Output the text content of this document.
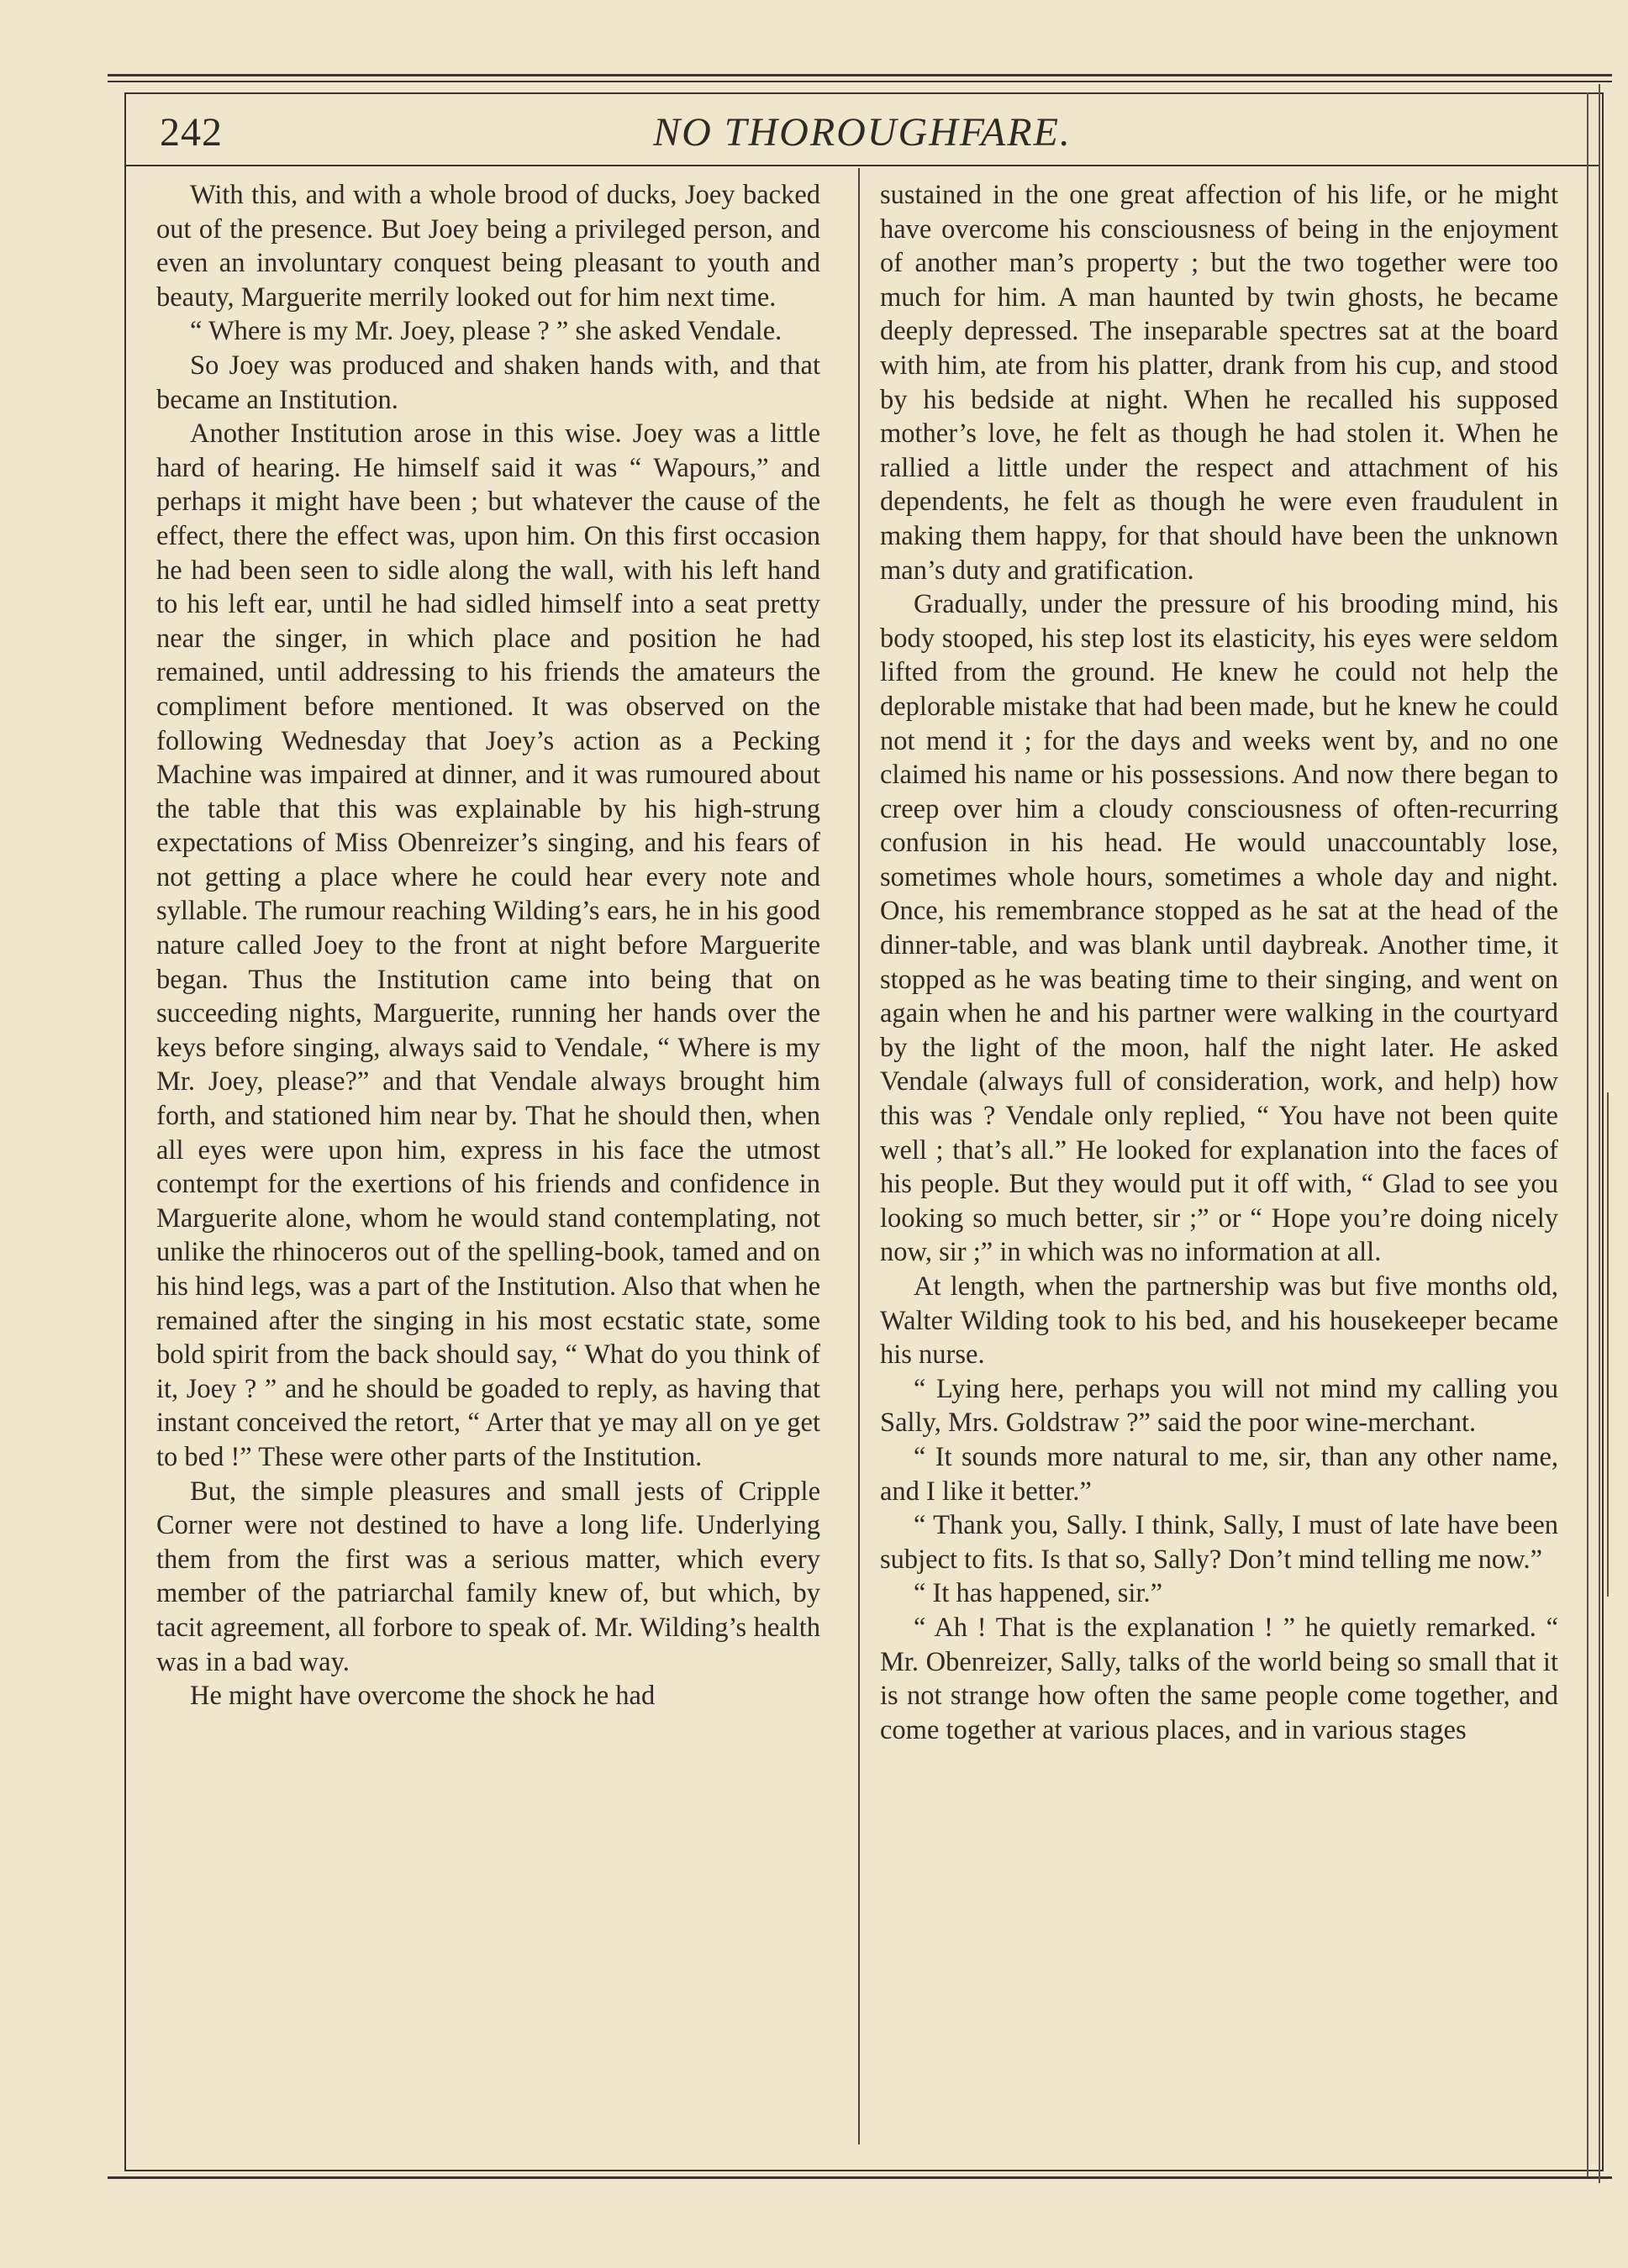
242	NO THOROUGHFARE.

With this, and with a whole brood of ducks, Joey backed out of the presence. But Joey being a privileged person, and even an involuntary conquest being pleasant to youth and beauty, Marguerite merrily looked out for him next time.

“ Where is my Mr. Joey, please ? ” she asked Vendale.

So Joey was produced and shaken hands with, and that became an Institution.

Another Institution arose in this wise. Joey was a little hard of hearing. He himself said it was “ Wapours,” and perhaps it might have been ; but whatever the cause of the effect, there the effect was, upon him. On this first occasion he had been seen to sidle along the wall, with his left hand to his left ear, until he had sidled himself into a seat pretty near the singer, in which place and position he had remained, until addressing to his friends the amateurs the compliment before mentioned. It was observed on the following Wednesday that Joey’s action as a Pecking Machine was impaired at dinner, and it was rumoured about the table that this was explainable by his high-strung expectations of Miss Obenreizer’s singing, and his fears of not getting a place where he could hear every note and syllable. The rumour reaching Wilding’s ears, he in his good nature called Joey to the front at night before Marguerite began. Thus the Institution came into being that on succeeding nights, Marguerite, running her hands over the keys before singing, always said to Vendale, “ Where is my Mr. Joey, please?” and that Vendale always brought him forth, and stationed him near by. That he should then, when all eyes were upon him, express in his face the utmost contempt for the exertions of his friends and confidence in Marguerite alone, whom he would stand contemplating, not unlike the rhinoceros out of the spelling-book, tamed and on his hind legs, was a part of the Institution. Also that when he remained after the singing in his most ecstatic state, some bold spirit from the back should say, “ What do you think of it, Joey ? ” and he should be goaded to reply, as having that instant conceived the retort, “ Arter that ye may all on ye get to bed !” These were other parts of the Institution.

But, the simple pleasures and small jests of Cripple Corner were not destined to have a long life. Underlying them from the first was a serious matter, which every member of the patriarchal family knew of, but which, by tacit agreement, all forbore to speak of. Mr. Wilding’s health was in a bad way.

He might have overcome the shock he had

sustained in the one great affection of his life, or he might have overcome his consciousness of being in the enjoyment of another man’s property ; but the two together were too much for him. A man haunted by twin ghosts, he became deeply depressed. The inseparable spectres sat at the board with him, ate from his platter, drank from his cup, and stood by his bedside at night. When he recalled his supposed mother’s love, he felt as though he had stolen it. When he rallied a little under the respect and attachment of his dependents, he felt as though he were even fraudulent in making them happy, for that should have been the unknown man’s duty and gratification.

Gradually, under the pressure of his brooding mind, his body stooped, his step lost its elasticity, his eyes were seldom lifted from the ground. He knew he could not help the deplorable mistake that had been made, but he knew he could not mend it ; for the days and weeks went by, and no one claimed his name or his possessions. And now there began to creep over him a cloudy consciousness of often-recurring confusion in his head. He would unaccountably lose, sometimes whole hours, sometimes a whole day and night. Once, his remembrance stopped as he sat at the head of the dinner-table, and was blank until daybreak. Another time, it stopped as he was beating time to their singing, and went on again when he and his partner were walking in the courtyard by the light of the moon, half the night later. He asked Vendale (always full of consideration, work, and help) how this was ? Vendale only replied, “ You have not been quite well ; that’s all.” He looked for explanation into the faces of his people. But they would put it off with, “ Glad to see you looking so much better, sir ;” or “ Hope you’re doing nicely now, sir ;” in which was no information at all.

At length, when the partnership was but five months old, Walter Wilding took to his bed, and his housekeeper became his nurse.

“ Lying here, perhaps you will not mind my calling you Sally, Mrs. Goldstraw ?” said the poor wine-merchant.

“ It sounds more natural to me, sir, than any other name, and I like it better.”

“ Thank you, Sally. I think, Sally, I must of late have been subject to fits. Is that so, Sally? Don’t mind telling me now.”

“ It has happened, sir.”

“ Ah ! That is the explanation ! ” he quietly remarked. “ Mr. Obenreizer, Sally, talks of the world being so small that it is not strange how often the same people come together, and come together at various places, and in various stages
